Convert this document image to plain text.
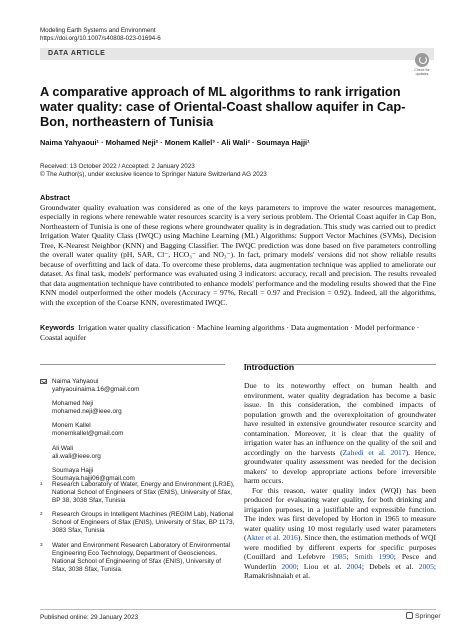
Modeling Earth Systems and Environment
https://doi.org/10.1007/s40808-023-01694-6
DATA ARTICLE
Check for updates
A comparative approach of ML algorithms to rank irrigation water quality: case of Oriental-Coast shallow aquifer in Cap-Bon, northeastern of Tunisia
Naima Yahyaoui¹ · Mohamed Neji² · Monem Kallel³ · Ali Wali² · Soumaya Hajji¹
Received: 13 October 2022 / Accepted: 2 January 2023
© The Author(s), under exclusive licence to Springer Nature Switzerland AG 2023
Abstract

Groundwater quality evaluation was considered as one of the keys parameters to improve the water resources management, especially in regions where renewable water resources scarcity is a very serious problem. The Oriental Coast aquifer in Cap Bon, Northeastern of Tunisia is one of these regions where groundwater quality is in degradation. This study was carried out to predict Irrigation Water Quality Class (IWQC) using Machine Learning (ML) Algorithms: Support Vector Machines (SVMs), Decision Tree, K-Nearest Neighbor (KNN) and Bagging Classifier. The IWQC prediction was done based on five parameters controlling the overall water quality (pH, SAR, Cl⁻, HCO₃⁻ and NO₃⁻). In fact, primary models' versions did not show reliable results because of overfitting and lack of data. To overcome these problems, data augmentation technique was applied to ameliorate our dataset. As final task, models' performance was evaluated using 3 indicators: accuracy, recall and precision. The results revealed that data augmentation technique have contributed to enhance models' performance and the modeling results showed that the Fine KNN model outperformed the other models (Accuracy = 97%, Recall = 0.97 and Precision = 0.92). Indeed, all the algorithms, with the exception of the Coarse KNN, overestimated IWQC.

Keywords Irrigation water quality classification · Machine learning algorithms · Data augmentation · Model performance · Coastal aquifer
Naima Yahyaoui
yahyaouinaima.16@gmail.com
Mohamed Neji
mohamed.neji@ieee.org
Monem Kallel
monemkallel@gmail.com
Ali Wali
ali.wali@ieee.org
Soumaya Hajji
Soumaya.hajji06@gmail.com
1 Research Laboratory of Water, Energy and Environment (LR3E), National School of Engineers of Sfax (ENIS), University of Sfax, BP 38, 3038 Sfax, Tunisia
2 Research Groups in Intelligent Machines (REGIM Lab), National School of Engineers of Sfax (ENIS), University of Sfax, BP 1173, 3083 Sfax, Tunisia
3 Water and Environment Research Laboratory of Environmental Engineering Eco Technology, Department of Geosciences, National School of Engineering of Sfax (ENIS), University of Sfax, 3038 Sfax, Tunisia
Introduction

Due to its noteworthy effect on human health and environment, water quality degradation has become a basic issue. In this consideration, the combined impacts of population growth and the overexploitation of groundwater have resulted in extensive groundwater resource scarcity and contamination. Moreover, it is clear that the quality of irrigation water has an influence on the quality of the soil and accordingly on the harvests (Zahedi et al. 2017). Hence, groundwater quality assessment was needed for the decision makers' to develop appropriate actions before irreversible harm occurs.

For this reason, water quality index (WQI) has been produced for evaluating water quality, for both drinking and irrigation purposes, in a justifiable and expressible function. The index was first developed by Horton in 1965 to measure water quality using 10 most regularly used water parameters (Akter et al. 2016). Since then, the estimation methods of WQI were modified by different experts for specific purposes (Couillard and Lefebvre 1985; Smith 1990; Pesce and Wunderlin 2000; Liou et al. 2004; Debels et al. 2005; Ramakrishnaiah et al.

Published online: 29 January 2023	Springer
